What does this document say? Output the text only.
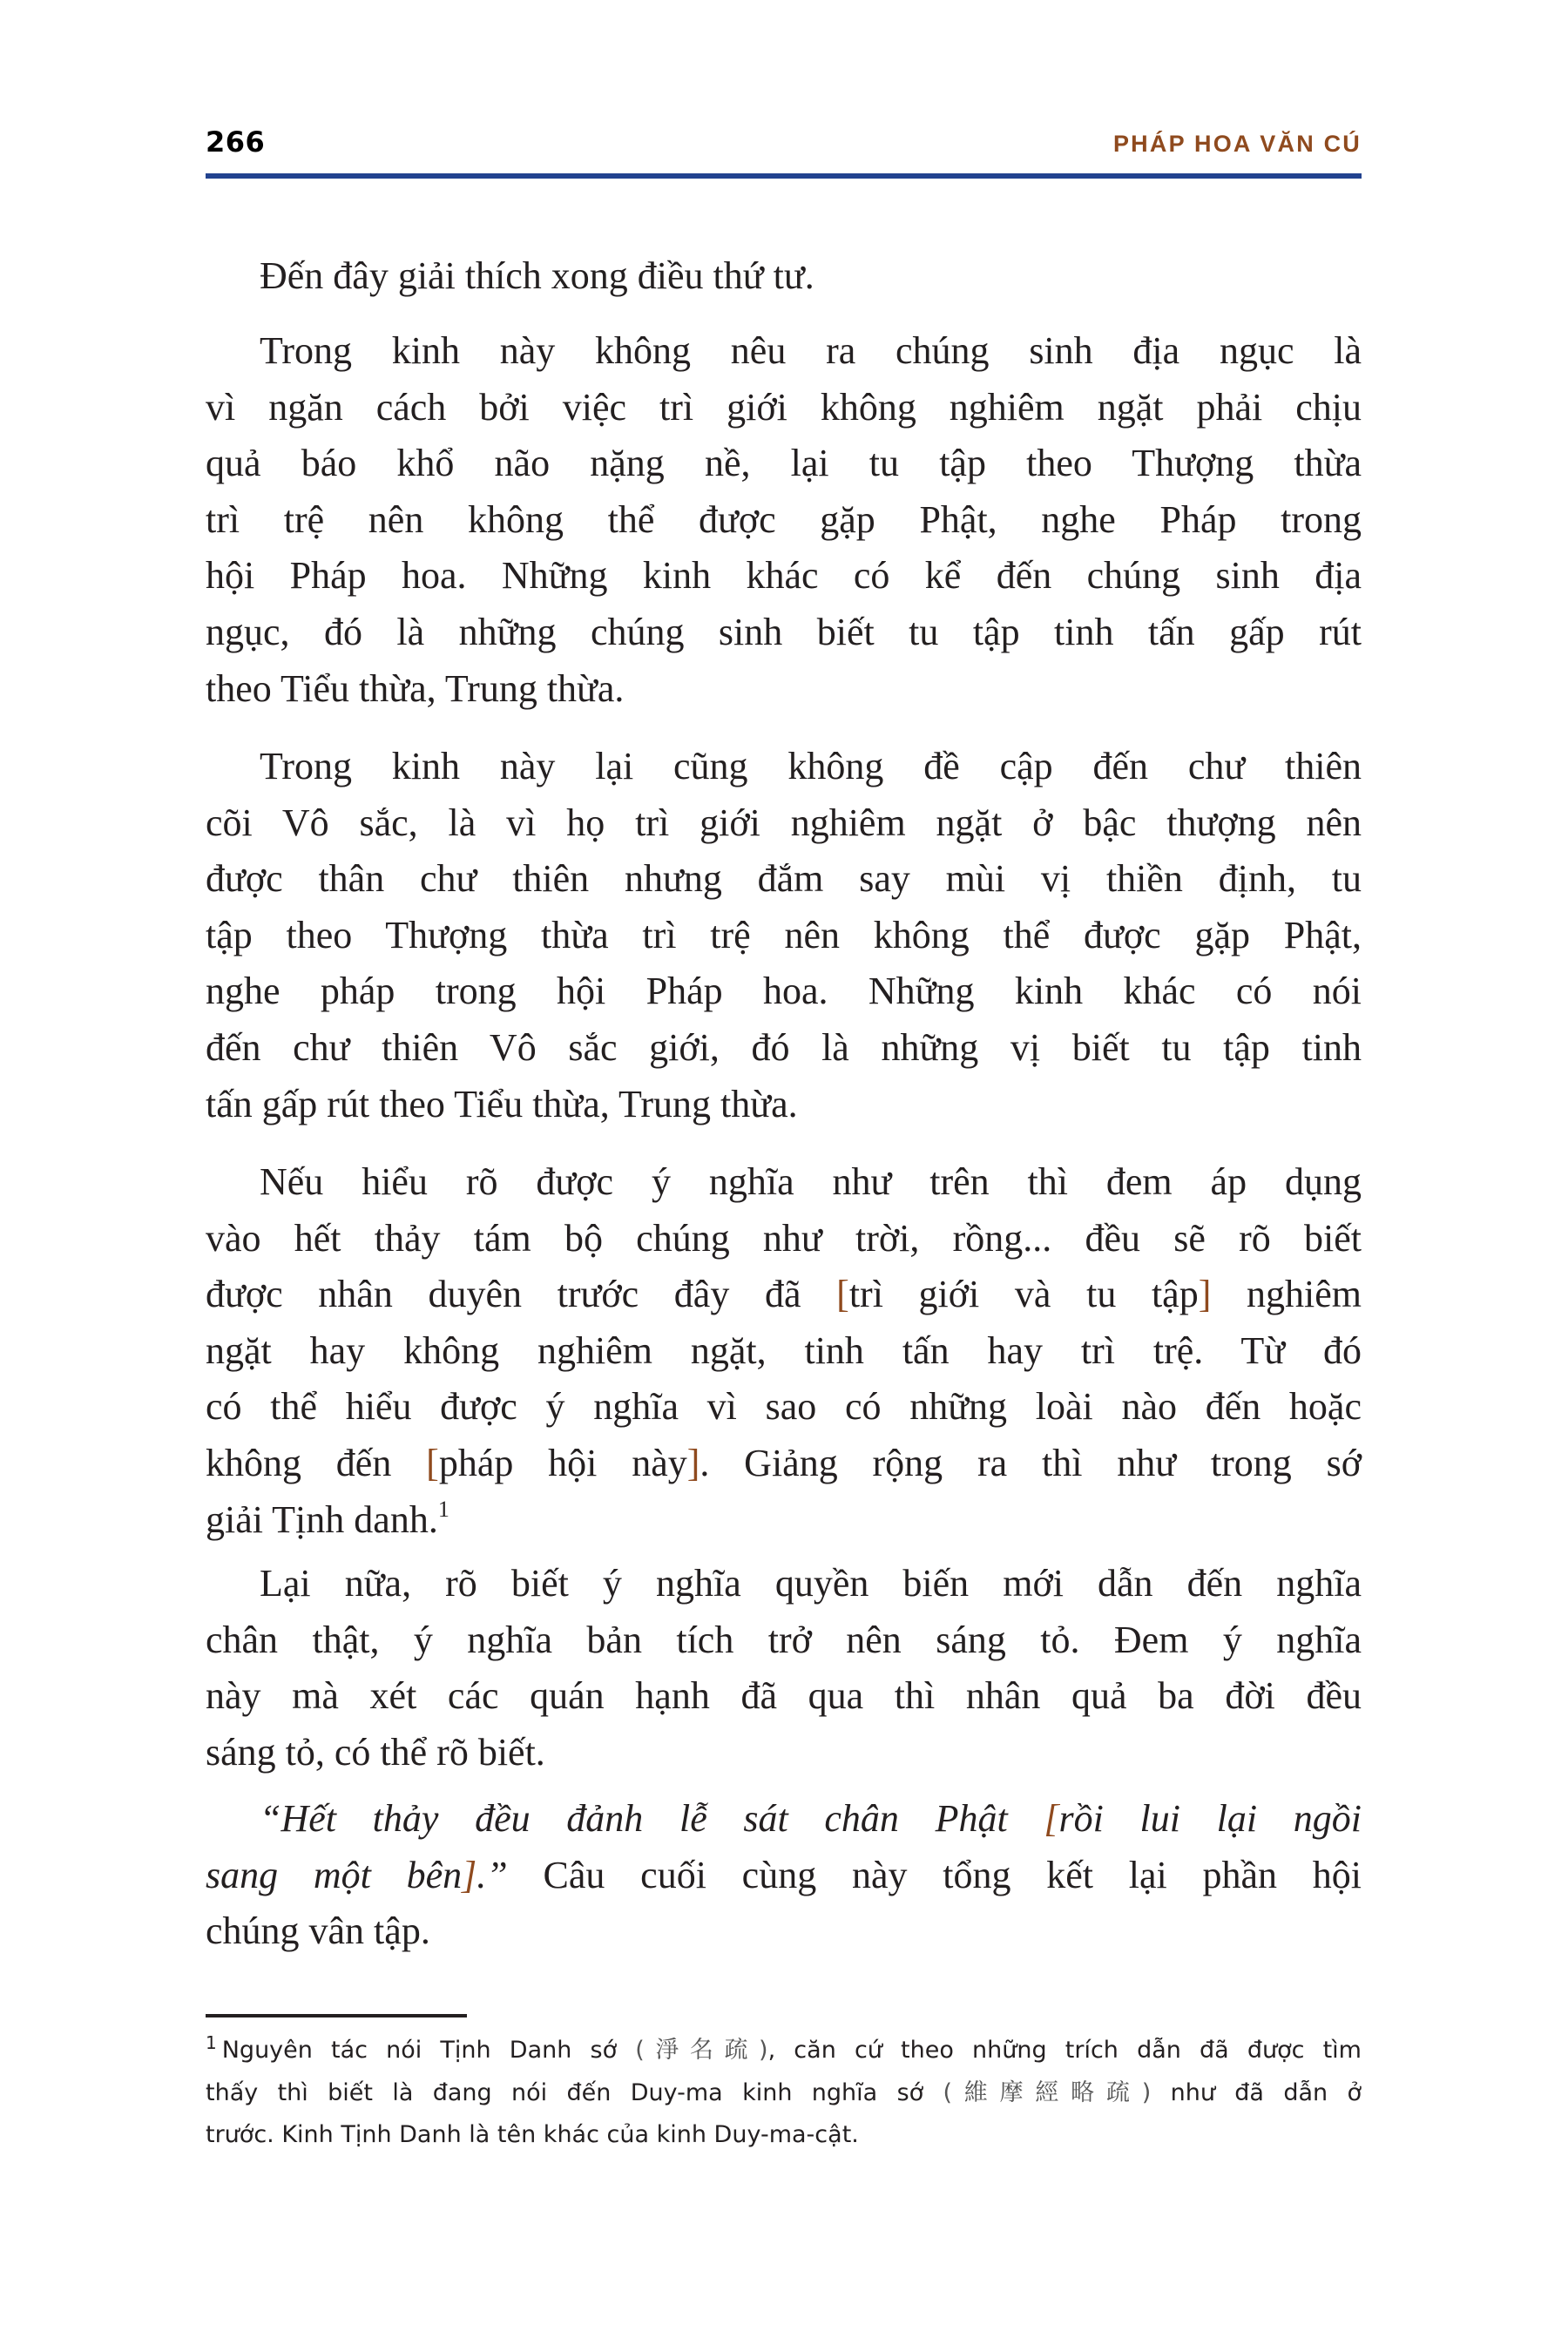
266	PHÁP HOA VĂN CÚ
Đến đây giải thích xong điều thứ tư.
Trong kinh này không nêu ra chúng sinh địa ngục là
vì ngăn cách bởi việc trì giới không nghiêm ngặt phải chịu
quả báo khổ não nặng nề, lại tu tập theo Thượng thừa
trì trệ nên không thể được gặp Phật, nghe Pháp trong
hội Pháp hoa. Những kinh khác có kể đến chúng sinh địa
ngục, đó là những chúng sinh biết tu tập tinh tấn gấp rút
theo Tiểu thừa, Trung thừa.
Trong kinh này lại cũng không đề cập đến chư thiên
cõi Vô sắc, là vì họ trì giới nghiêm ngặt ở bậc thượng nên
được thân chư thiên nhưng đắm say mùi vị thiền định, tu
tập theo Thượng thừa trì trệ nên không thể được gặp Phật,
nghe pháp trong hội Pháp hoa. Những kinh khác có nói
đến chư thiên Vô sắc giới, đó là những vị biết tu tập tinh
tấn gấp rút theo Tiểu thừa, Trung thừa.
Nếu hiểu rõ được ý nghĩa như trên thì đem áp dụng
vào hết thảy tám bộ chúng như trời, rồng... đều sẽ rõ biết
được nhân duyên trước đây đã [trì giới và tu tập] nghiêm
ngặt hay không nghiêm ngặt, tinh tấn hay trì trệ. Từ đó
có thể hiểu được ý nghĩa vì sao có những loài nào đến hoặc
không đến [pháp hội này]. Giảng rộng ra thì như trong sớ
giải Tịnh danh.$^1$
Lại nữa, rõ biết ý nghĩa quyền biến mới dẫn đến nghĩa
chân thật, ý nghĩa bản tích trở nên sáng tỏ. Đem ý nghĩa
này mà xét các quán hạnh đã qua thì nhân quả ba đời đều
sáng tỏ, có thể rõ biết.
“Hết thảy đều đảnh lễ sát chân Phật [rồi lui lại ngồi
sang một bên].” Câu cuối cùng này tổng kết lại phần hội
chúng vân tập.
$^1$ Nguyên tác nói Tịnh Danh sớ (淨名疏), căn cứ theo những trích dẫn đã được tìm
thấy thì biết là đang nói đến Duy-ma kinh nghĩa sớ (維摩經略疏) như đã dẫn ở
trước. Kinh Tịnh Danh là tên khác của kinh Duy-ma-cật.
